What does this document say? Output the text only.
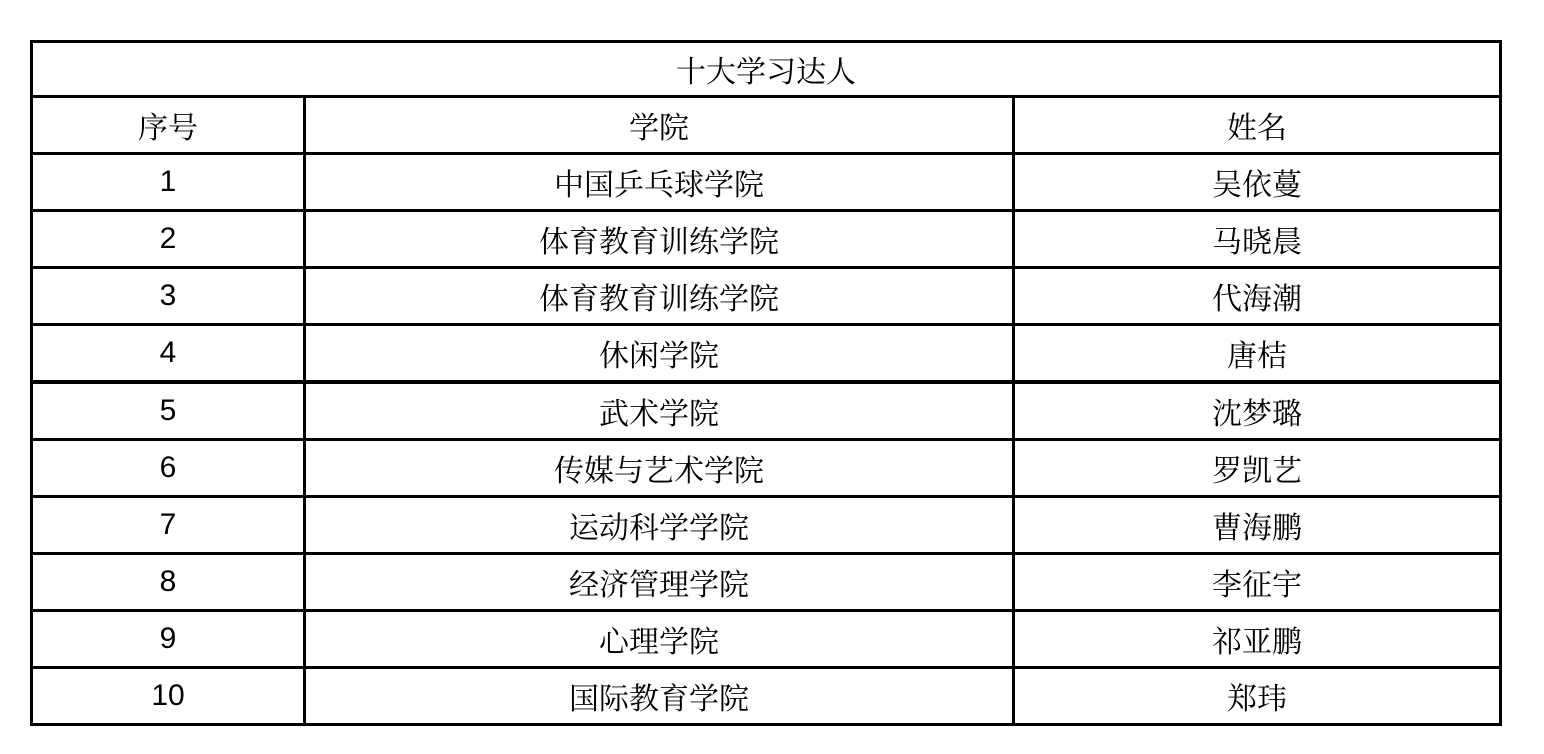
十大学习达人		
序号	学院	姓名
1	中国乒乓球学院	吴依蔓
2	体育教育训练学院	马晓晨
3	体育教育训练学院	代海潮
4	休闲学院	唐桔
5	武术学院	沈梦璐
6	传媒与艺术学院	罗凯艺
7	运动科学学院	曹海鹏
8	经济管理学院	李征宇
9	心理学院	祁亚鹏
10	国际教育学院	郑玮
